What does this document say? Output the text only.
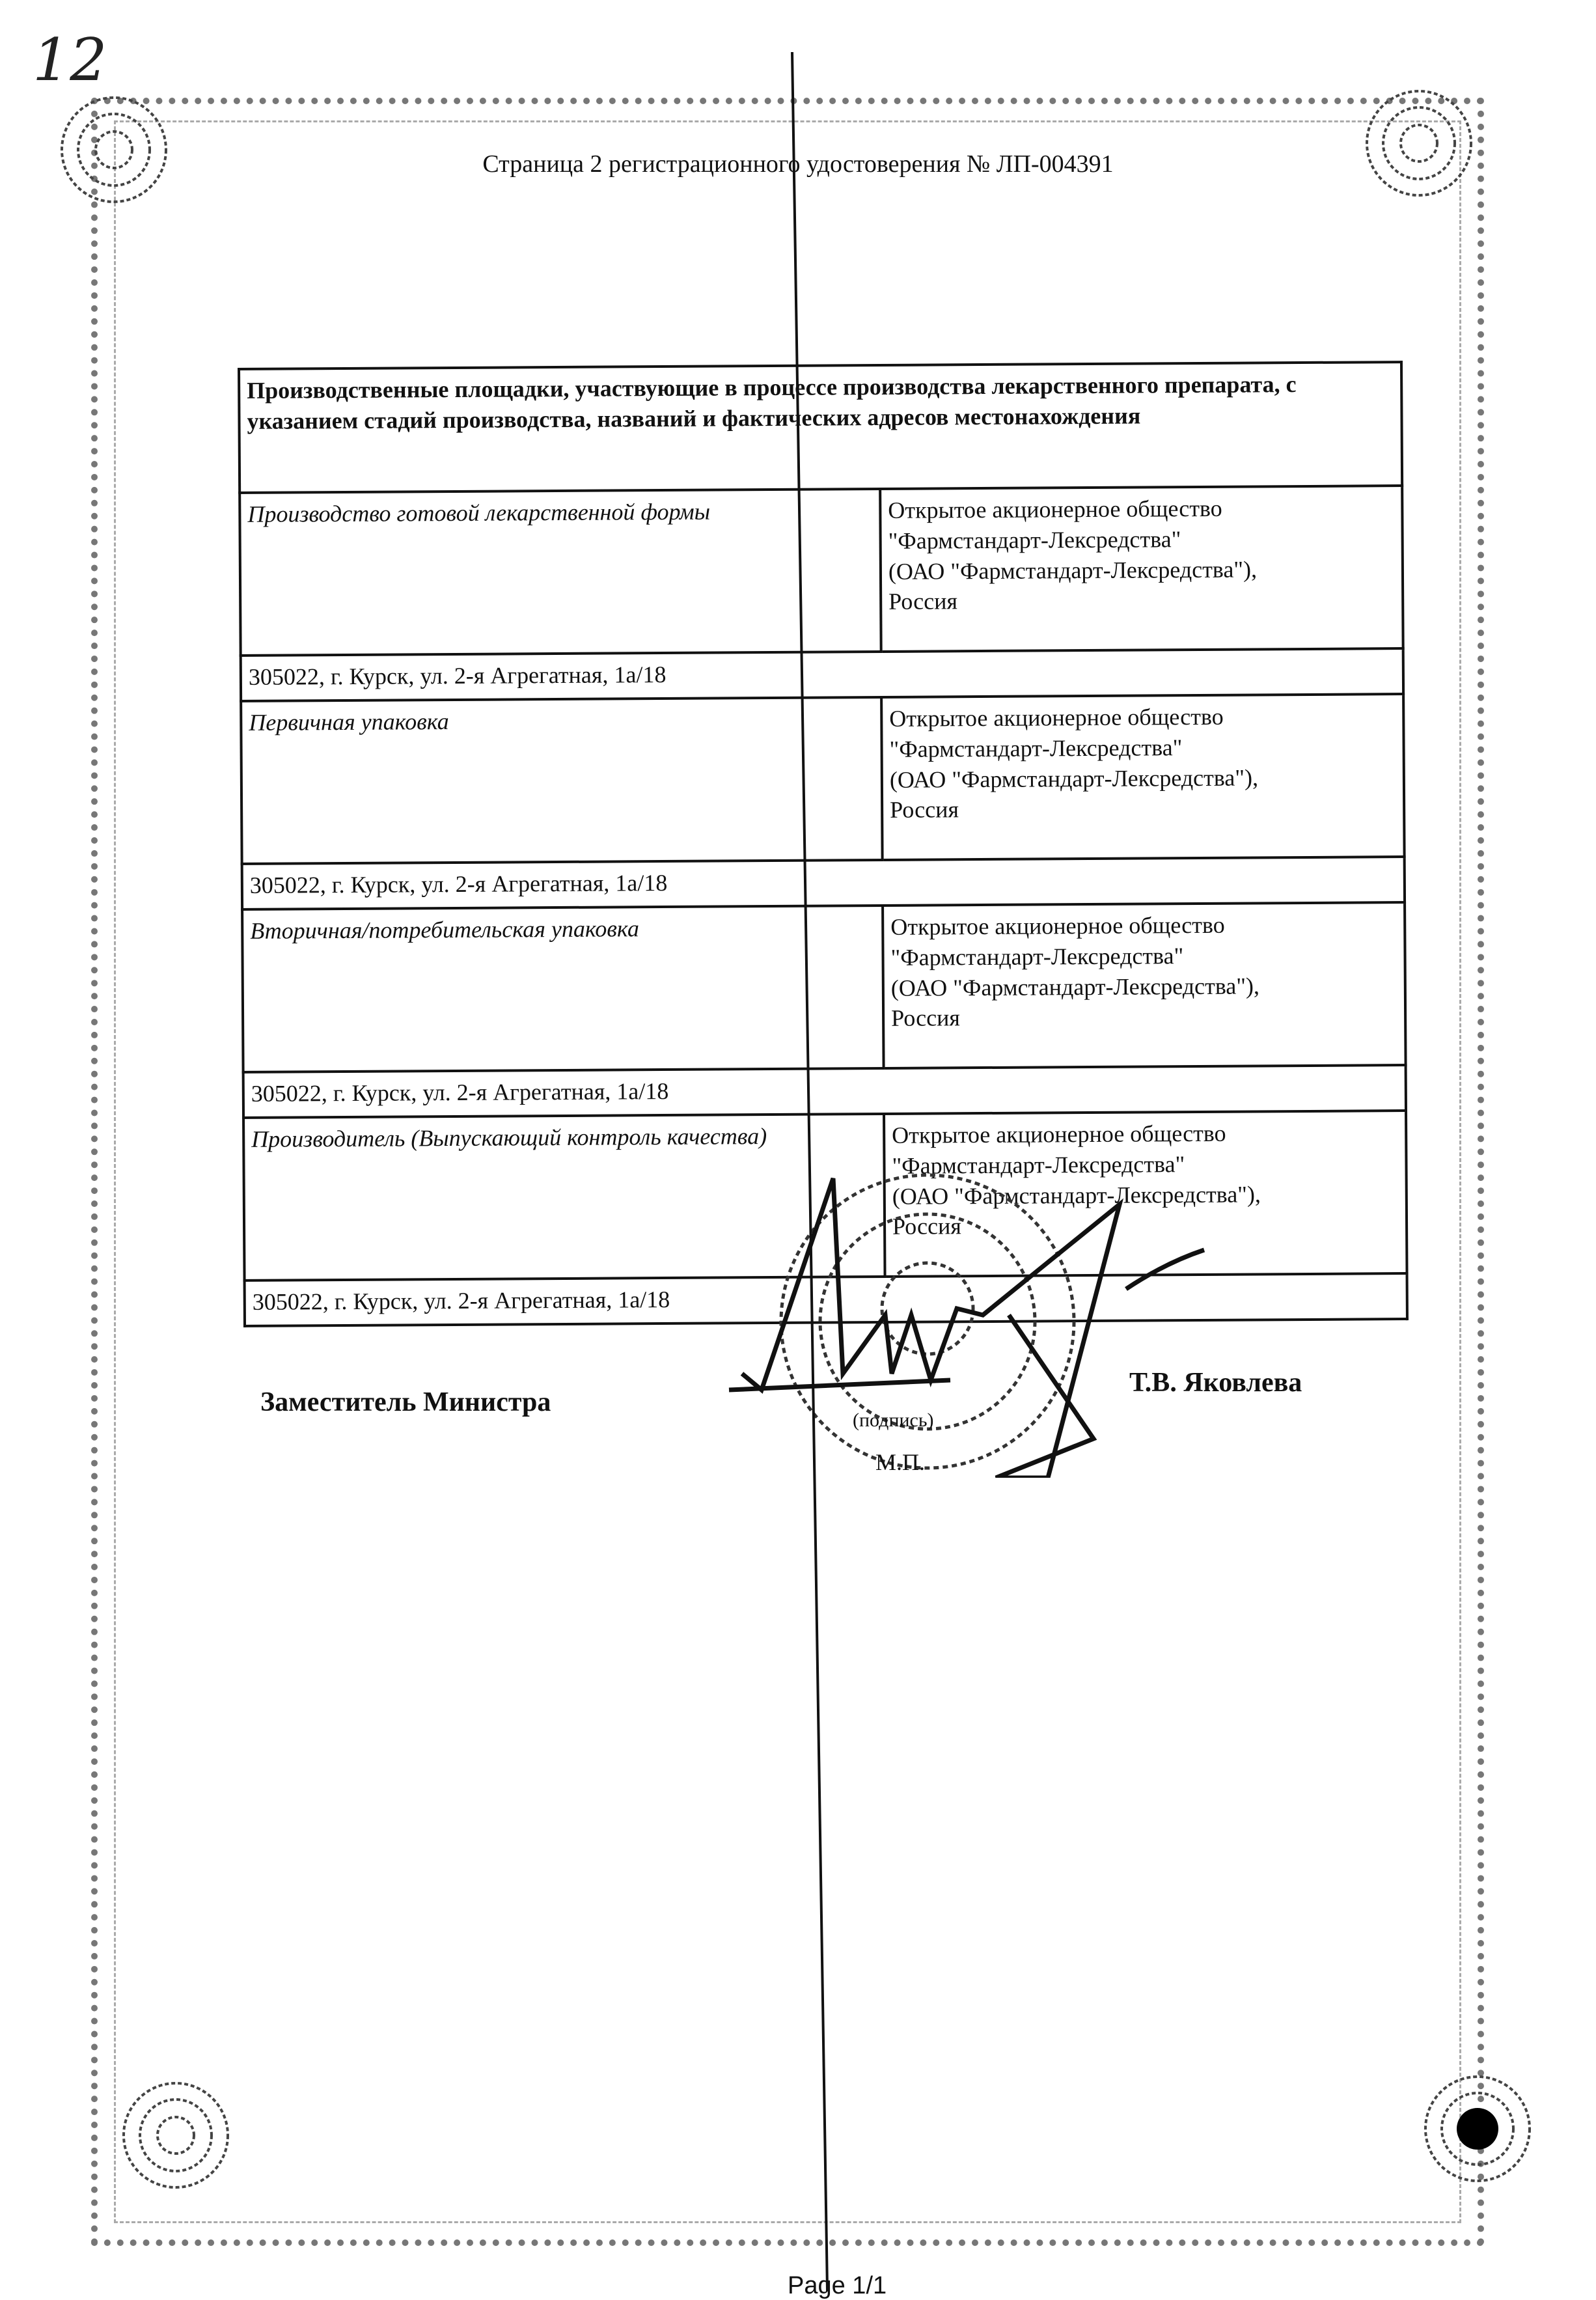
12
Страница 2 регистрационного удостоверения № ЛП-004391
Производственные площадки, участвующие в процессе производства лекарственного препарата, с указанием стадий производства, названий и фактических адресов местонахождения	
Производство готовой лекарственной формы	Открытое акционерное общество
"Фармстандарт-Лексредства"
(ОАО "Фармстандарт-Лексредства"),
Россия

305022, г. Курск, ул. 2-я Агрегатная, 1а/18	
Первичная упаковка	Открытое акционерное общество
"Фармстандарт-Лексредства"
(ОАО "Фармстандарт-Лексредства"),
Россия

305022, г. Курск, ул. 2-я Агрегатная, 1а/18	
Вторичная/потребительская упаковка	Открытое акционерное общество
"Фармстандарт-Лексредства"
(ОАО "Фармстандарт-Лексредства"),
Россия

305022, г. Курск, ул. 2-я Агрегатная, 1а/18	
Производитель (Выпускающий контроль качества)	Открытое акционерное общество
"Фармстандарт-Лексредства"
(ОАО "Фармстандарт-Лексредства"),
Россия

305022, г. Курск, ул. 2-я Агрегатная, 1а/18	
Заместитель Министра
Т.В. Яковлева
(подпись)
М.П.
Page 1/1
